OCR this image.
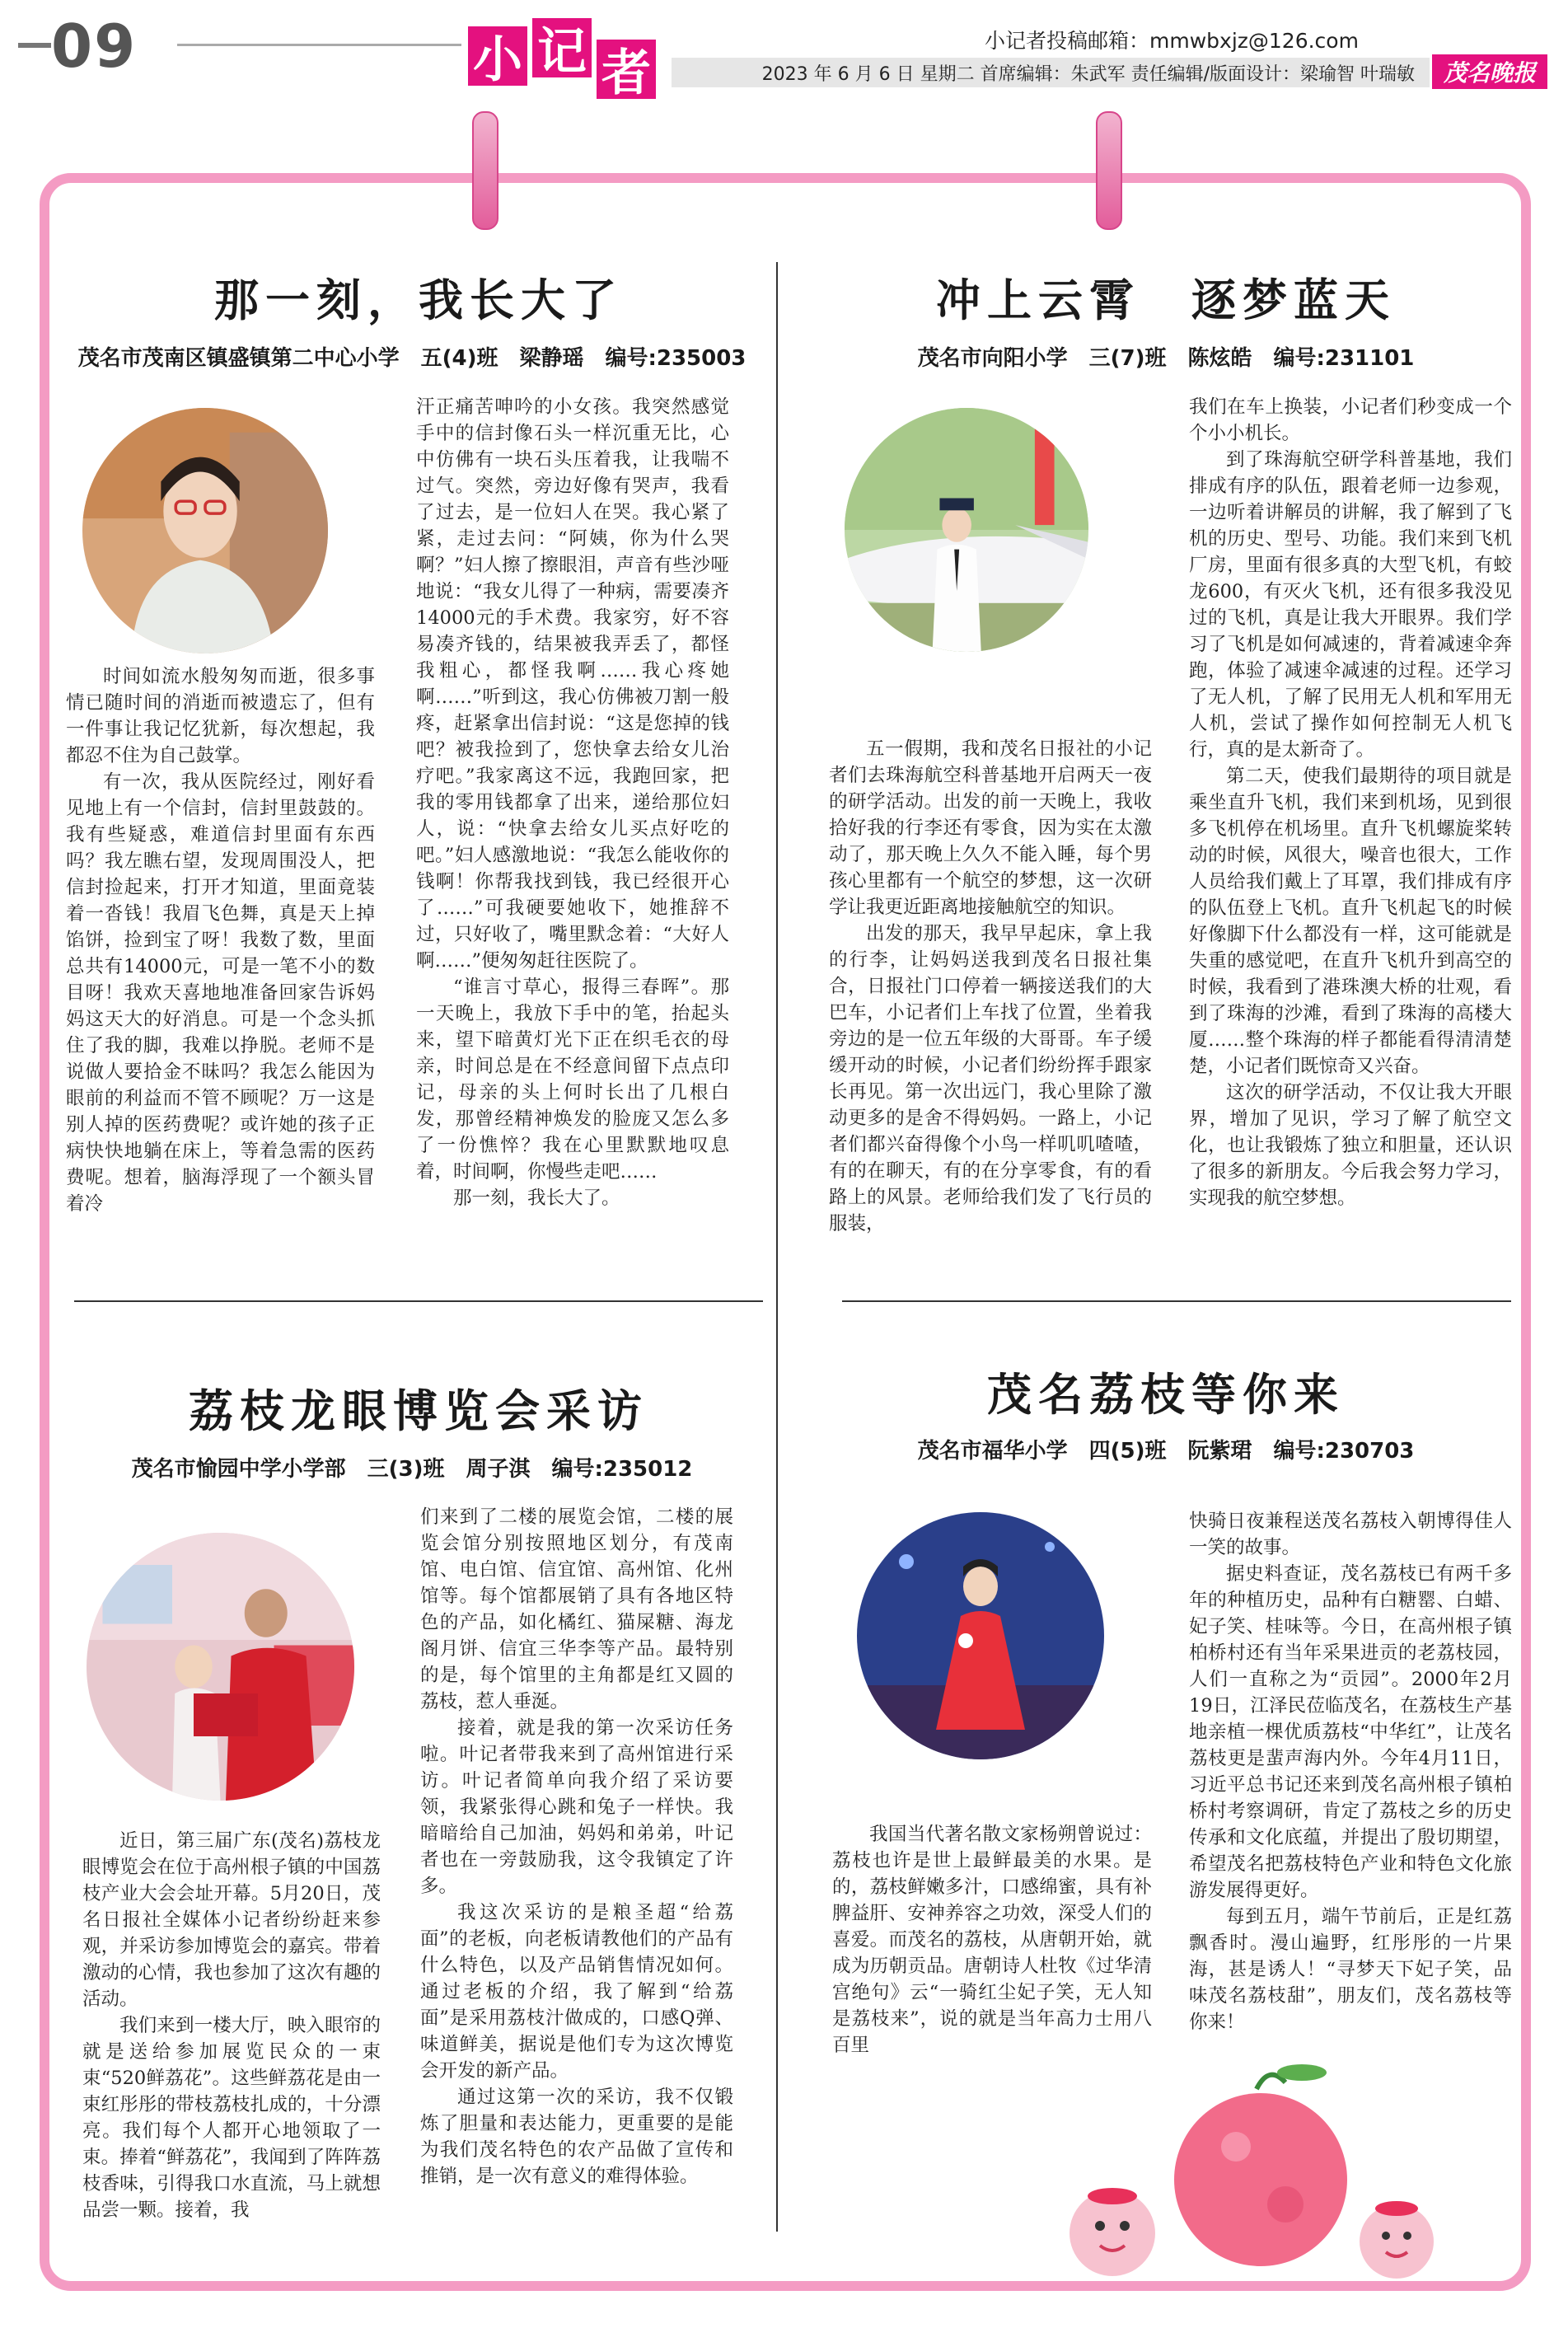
09	小 记 者
小记者投稿邮箱：mmwbxjz@126.com
2023 年 6 月 6 日 星期二 首席编辑：朱武军 责任编辑/版面设计：梁瑜智 叶瑞敏	茂名晚报
那一刻，我长大了
茂名市茂南区镇盛镇第二中心小学　五(4)班　梁静瑶　编号:235003

时间如流水般匆匆而逝，很多事情已随时间的消逝而被遗忘了，但有一件事让我记忆犹新，每次想起，我都忍不住为自己鼓掌。

有一次，我从医院经过，刚好看见地上有一个信封，信封里鼓鼓的。我有些疑惑，难道信封里面有东西吗？我左瞧右望，发现周围没人，把信封捡起来，打开才知道，里面竟装着一沓钱！我眉飞色舞，真是天上掉馅饼，捡到宝了呀！我数了数，里面总共有14000元，可是一笔不小的数目呀！我欢天喜地地准备回家告诉妈妈这天大的好消息。可是一个念头抓住了我的脚，我难以挣脱。老师不是说做人要拾金不昧吗？我怎么能因为眼前的利益而不管不顾呢？万一这是别人掉的医药费呢？或许她的孩子正病快快地躺在床上，等着急需的医药费呢。想着，脑海浮现了一个额头冒着冷

汗正痛苦呻吟的小女孩。我突然感觉手中的信封像石头一样沉重无比，心中仿佛有一块石头压着我，让我喘不过气。突然，旁边好像有哭声，我看了过去，是一位妇人在哭。我心紧了紧，走过去问：“阿姨，你为什么哭啊？”妇人擦了擦眼泪，声音有些沙哑地说：“我女儿得了一种病，需要凑齐14000元的手术费。我家穷，好不容易凑齐钱的，结果被我弄丢了，都怪我粗心，都怪我啊……我心疼她啊……”听到这，我心仿佛被刀割一般疼，赶紧拿出信封说：“这是您掉的钱吧？被我捡到了，您快拿去给女儿治疗吧。”我家离这不远，我跑回家，把我的零用钱都拿了出来，递给那位妇人，说：“快拿去给女儿买点好吃的吧。”妇人感激地说：“我怎么能收你的钱啊！你帮我找到钱，我已经很开心了……”可我硬要她收下，她推辞不过，只好收了，嘴里默念着：“大好人啊……”便匆匆赶往医院了。

“谁言寸草心，报得三春晖”。那一天晚上，我放下手中的笔，抬起头来，望下暗黄灯光下正在织毛衣的母亲，时间总是在不经意间留下点点印记，母亲的头上何时长出了几根白发，那曾经精神焕发的脸庞又怎么多了一份憔悴？我在心里默默地叹息着，时间啊，你慢些走吧……

那一刻，我长大了。

冲上云霄　逐梦蓝天
茂名市向阳小学　三(7)班　陈炫皓　编号:231101

五一假期，我和茂名日报社的小记者们去珠海航空科普基地开启两天一夜的研学活动。出发的前一天晚上，我收拾好我的行李还有零食，因为实在太激动了，那天晚上久久不能入睡，每个男孩心里都有一个航空的梦想，这一次研学让我更近距离地接触航空的知识。

出发的那天，我早早起床，拿上我的行李，让妈妈送我到茂名日报社集合，日报社门口停着一辆接送我们的大巴车，小记者们上车找了位置，坐着我旁边的是一位五年级的大哥哥。车子缓缓开动的时候，小记者们纷纷挥手跟家长再见。第一次出远门，我心里除了激动更多的是舍不得妈妈。一路上，小记者们都兴奋得像个小鸟一样叽叽喳喳，有的在聊天，有的在分享零食，有的看路上的风景。老师给我们发了飞行员的服装，

我们在车上换装，小记者们秒变成一个个小小机长。

到了珠海航空研学科普基地，我们排成有序的队伍，跟着老师一边参观，一边听着讲解员的讲解，我了解到了飞机的历史、型号、功能。我们来到飞机厂房，里面有很多真的大型飞机，有蛟龙600，有灭火飞机，还有很多我没见过的飞机，真是让我大开眼界。我们学习了飞机是如何减速的，背着减速伞奔跑，体验了减速伞减速的过程。还学习了无人机，了解了民用无人机和军用无人机，尝试了操作如何控制无人机飞行，真的是太新奇了。

第二天，使我们最期待的项目就是乘坐直升飞机，我们来到机场，见到很多飞机停在机场里。直升飞机螺旋桨转动的时候，风很大，噪音也很大，工作人员给我们戴上了耳罩，我们排成有序的队伍登上飞机。直升飞机起飞的时候好像脚下什么都没有一样，这可能就是失重的感觉吧，在直升飞机升到高空的时候，我看到了港珠澳大桥的壮观，看到了珠海的沙滩，看到了珠海的高楼大厦……整个珠海的样子都能看得清清楚楚，小记者们既惊奇又兴奋。

这次的研学活动，不仅让我大开眼界，增加了见识，学习了解了航空文化，也让我锻炼了独立和胆量，还认识了很多的新朋友。今后我会努力学习，实现我的航空梦想。

荔枝龙眼博览会采访
茂名市愉园中学小学部　三(3)班　周子淇　编号:235012

近日，第三届广东(茂名)荔枝龙眼博览会在位于高州根子镇的中国荔枝产业大会会址开幕。5月20日，茂名日报社全媒体小记者纷纷赶来参观，并采访参加博览会的嘉宾。带着激动的心情，我也参加了这次有趣的活动。

我们来到一楼大厅，映入眼帘的就是送给参加展览民众的一束束“520鲜荔花”。这些鲜荔花是由一束红彤彤的带枝荔枝扎成的，十分漂亮。我们每个人都开心地领取了一束。捧着“鲜荔花”，我闻到了阵阵荔枝香味，引得我口水直流，马上就想品尝一颗。接着，我

们来到了二楼的展览会馆，二楼的展览会馆分别按照地区划分，有茂南馆、电白馆、信宜馆、高州馆、化州馆等。每个馆都展销了具有各地区特色的产品，如化橘红、猫屎糖、海龙阁月饼、信宜三华李等产品。最特别的是，每个馆里的主角都是红又圆的荔枝，惹人垂涎。

接着，就是我的第一次采访任务啦。叶记者带我来到了高州馆进行采访。叶记者简单向我介绍了采访要领，我紧张得心跳和兔子一样快。我暗暗给自己加油，妈妈和弟弟，叶记者也在一旁鼓励我，这令我镇定了许多。

我这次采访的是粮圣超“给荔面”的老板，向老板请教他们的产品有什么特色，以及产品销售情况如何。通过老板的介绍，我了解到“给荔面”是采用荔枝汁做成的，口感Q弹、味道鲜美，据说是他们专为这次博览会开发的新产品。

通过这第一次的采访，我不仅锻炼了胆量和表达能力，更重要的是能为我们茂名特色的农产品做了宣传和推销，是一次有意义的难得体验。

茂名荔枝等你来
茂名市福华小学　四(5)班　阮紫珺　编号:230703

我国当代著名散文家杨朔曾说过：荔枝也许是世上最鲜最美的水果。是的，荔枝鲜嫩多汁，口感绵蜜，具有补脾益肝、安神养容之功效，深受人们的喜爱。而茂名的荔枝，从唐朝开始，就成为历朝贡品。唐朝诗人杜牧《过华清宫绝句》云“一骑红尘妃子笑，无人知是荔枝来”，说的就是当年高力士用八百里

快骑日夜兼程送茂名荔枝入朝博得佳人一笑的故事。

据史料查证，茂名荔枝已有两千多年的种植历史，品种有白糖罂、白蜡、妃子笑、桂味等。今日，在高州根子镇柏桥村还有当年采果进贡的老荔枝园，人们一直称之为“贡园”。2000年2月19日，江泽民莅临茂名，在荔枝生产基地亲植一棵优质荔枝“中华红”，让茂名荔枝更是蜚声海内外。今年4月11日，习近平总书记还来到茂名高州根子镇柏桥村考察调研，肯定了荔枝之乡的历史传承和文化底蕴，并提出了殷切期望，希望茂名把荔枝特色产业和特色文化旅游发展得更好。

每到五月，端午节前后，正是红荔飘香时。漫山遍野，红彤彤的一片果海，甚是诱人！“寻梦天下妃子笑，品味茂名荔枝甜”，朋友们，茂名荔枝等你来！
